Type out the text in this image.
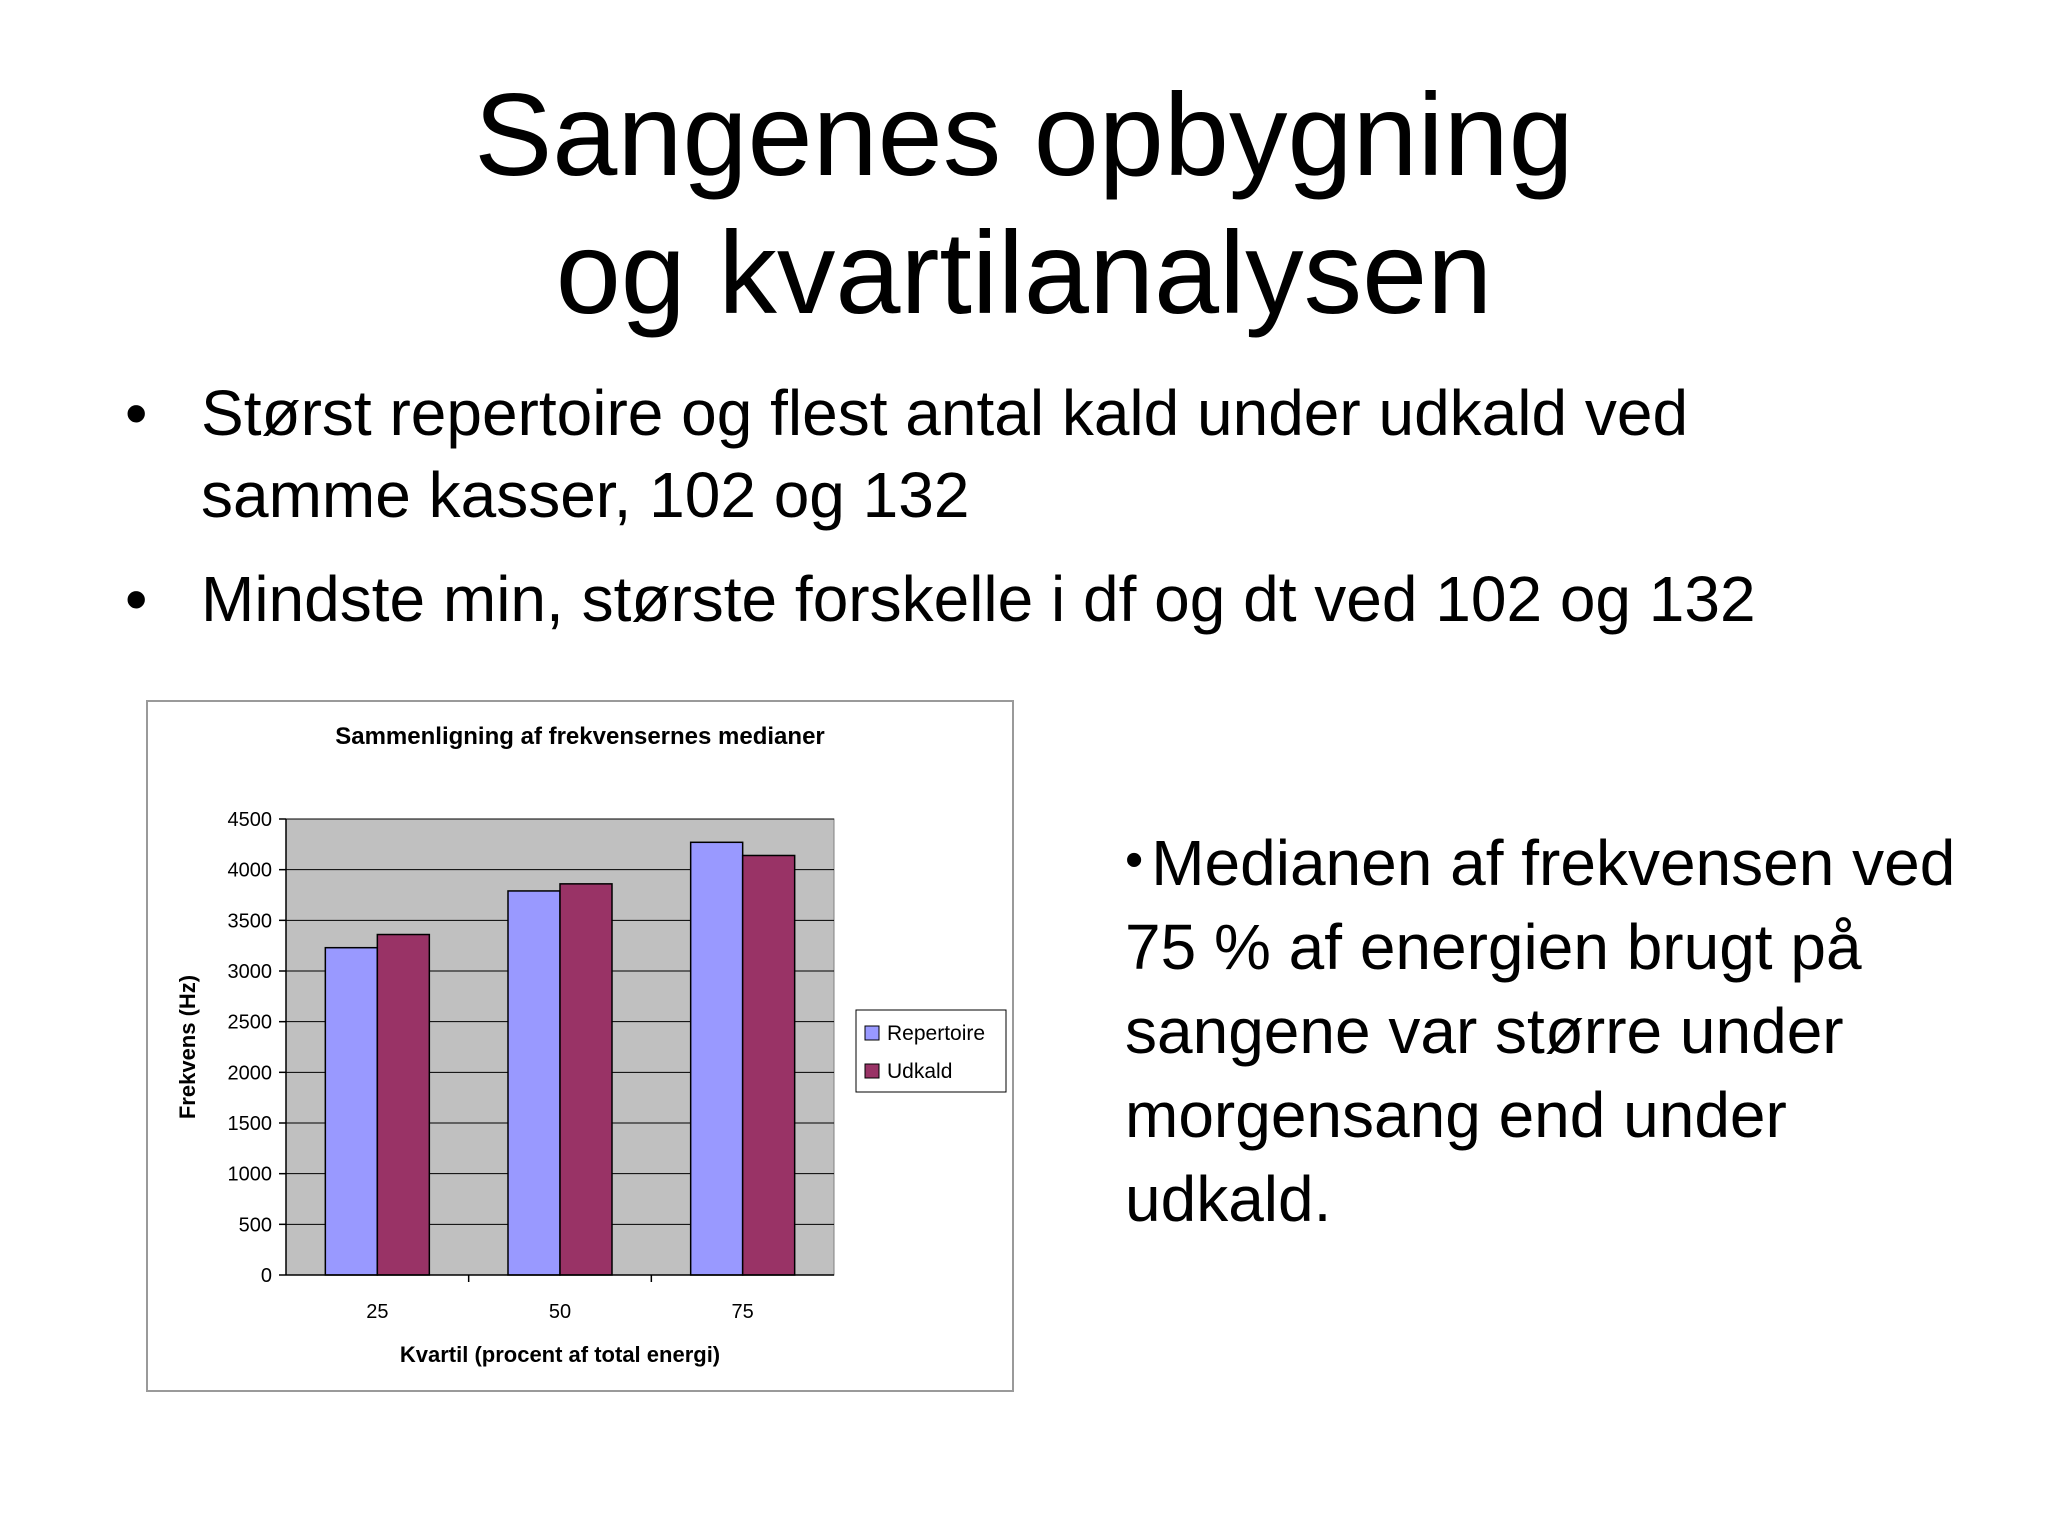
Sangenes opbygning
og kvartilanalysen
• Størst repertoire og flest antal kald under udkald ved
samme kasser, 102 og 132
• Mindste min, største forskelle i df og dt ved 102 og 132
Sammenligning af frekvensernes medianer
0
500
1000
1500
2000
2500
3000
3500
4000
4500
25	50	75
Kvartil (procent af total energi)
Frekvens (Hz)	Repertoire
Udkald
• Medianen af frekvensen ved 75 % af energien brugt på sangene var større under morgensang end under udkald.
